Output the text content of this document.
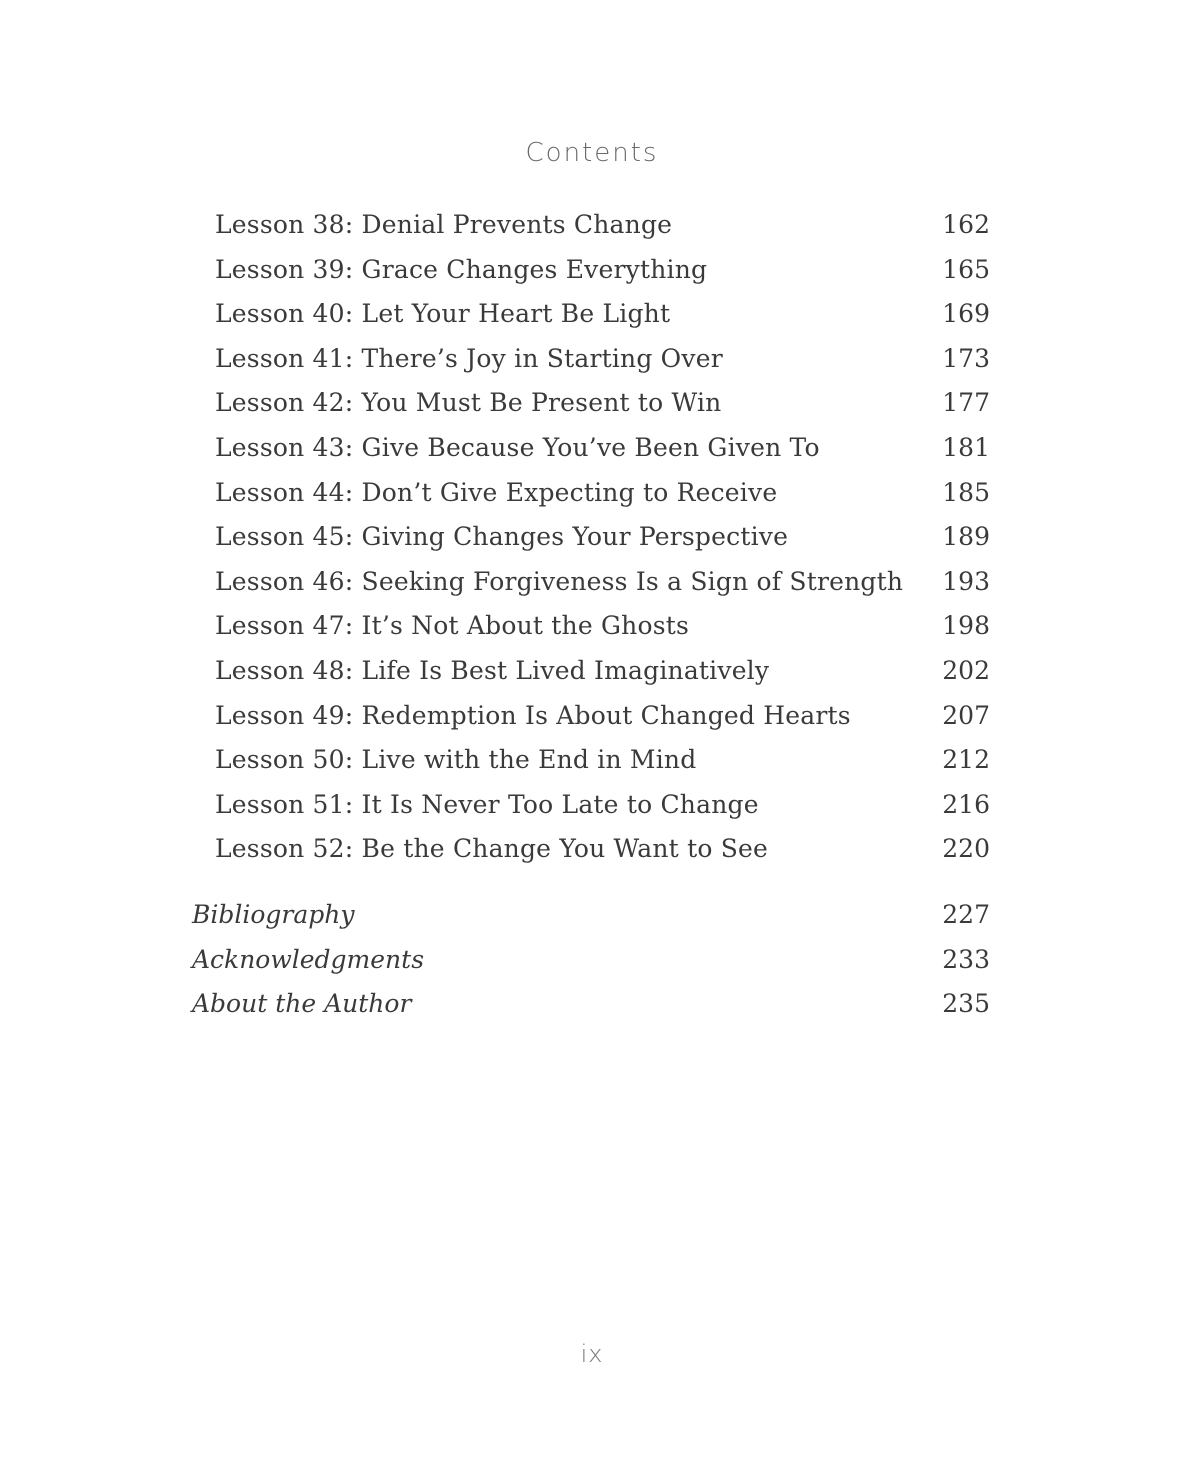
Contents
Lesson 38: Denial Prevents Change	162
Lesson 39: Grace Changes Everything	165
Lesson 40: Let Your Heart Be Light	169
Lesson 41: There’s Joy in Starting Over	173
Lesson 42: You Must Be Present to Win	177
Lesson 43: Give Because You’ve Been Given To	181
Lesson 44: Don’t Give Expecting to Receive	185
Lesson 45: Giving Changes Your Perspective	189
Lesson 46: Seeking Forgiveness Is a Sign of Strength 193
Lesson 47: It’s Not About the Ghosts	198
Lesson 48: Life Is Best Lived Imaginatively	202
Lesson 49: Redemption Is About Changed Hearts	207
Lesson 50: Live with the End in Mind	212
Lesson 51: It Is Never Too Late to Change	216
Lesson 52: Be the Change You Want to See	220
Bibliography	227
Acknowledgments	233
About the Author	235
ix
